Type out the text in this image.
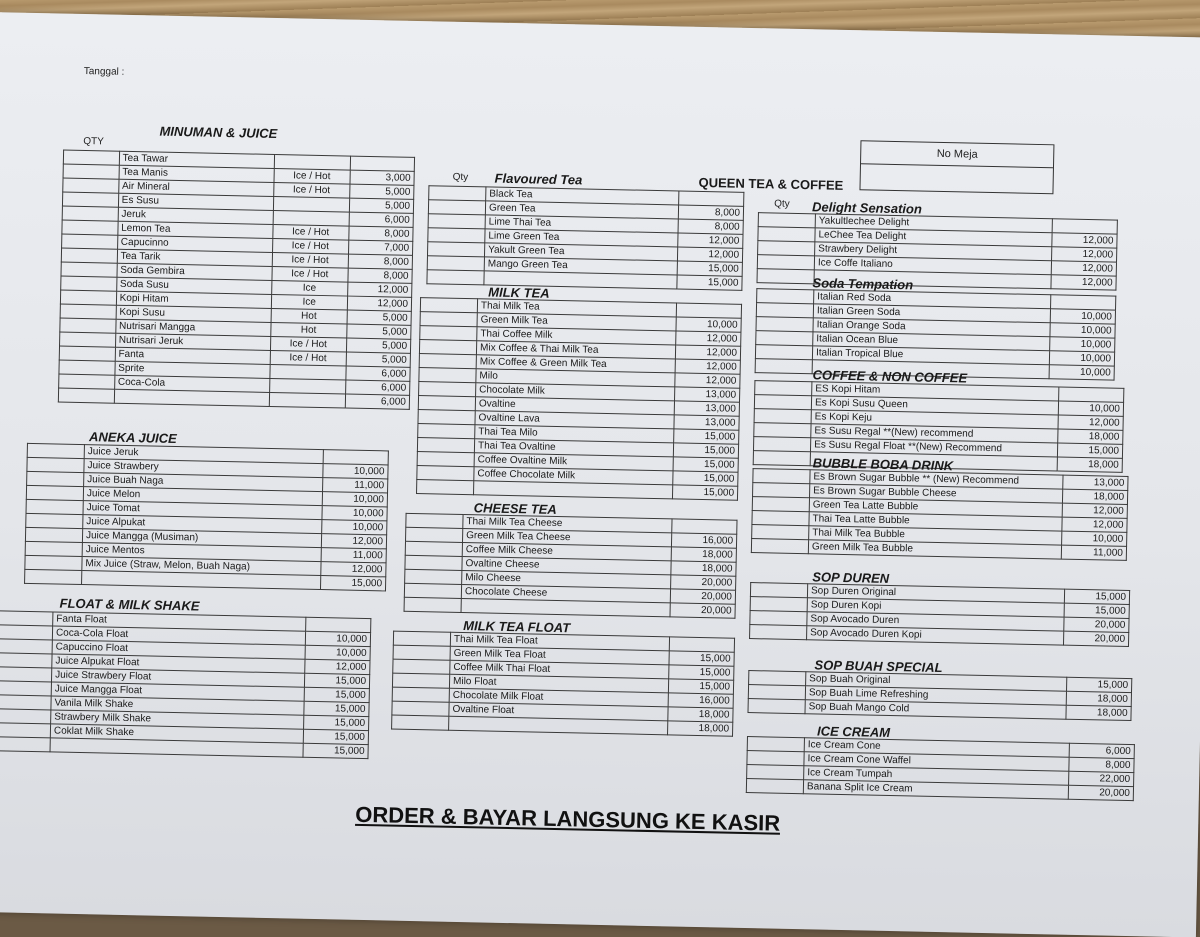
Tanggal :
QTY
MINUMAN & JUICE
	Tea Tawar		
	Tea Manis	Ice / Hot	3,000
	Air Mineral	Ice / Hot	5,000
	Es Susu		5,000
	Jeruk		6,000
	Lemon Tea	Ice / Hot	8,000
	Capucinno	Ice / Hot	7,000
	Tea Tarik	Ice / Hot	8,000
	Soda Gembira	Ice / Hot	8,000
	Soda Susu	Ice	12,000
	Kopi Hitam	Ice	12,000
	Kopi Susu	Hot	5,000
	Nutrisari Mangga	Hot	5,000
	Nutrisari Jeruk	Ice / Hot	5,000
	Fanta	Ice / Hot	5,000
	Sprite		6,000
	Coca-Cola		6,000
			6,000
ANEKA JUICE
	Juice Jeruk	
	Juice Strawbery	10,000
	Juice Buah Naga	11,000
	Juice Melon	10,000
	Juice Tomat	10,000
	Juice Alpukat	10,000
	Juice Mangga (Musiman)	12,000
	Juice Mentos	11,000
	Mix Juice (Straw, Melon, Buah Naga)	12,000
		15,000
FLOAT & MILK SHAKE
	Fanta Float	
	Coca-Cola Float	10,000
	Capuccino Float	10,000
	Juice Alpukat Float	12,000
	Juice Strawbery Float	15,000
	Juice Mangga Float	15,000
	Vanila Milk Shake	15,000
	Strawbery Milk Shake	15,000
	Coklat Milk Shake	15,000
		15,000
Qty Flavoured Tea
	Black Tea	
	Green Tea	8,000
	Lime Thai Tea	8,000
	Lime Green Tea	12,000
	Yakult Green Tea	12,000
	Mango Green Tea	15,000
		15,000
MILK TEA
	Thai Milk Tea	
	Green Milk Tea	10,000
	Thai Coffee Milk	12,000
	Mix Coffee & Thai Milk Tea	12,000
	Mix Coffee & Green Milk Tea	12,000
	Milo	12,000
	Chocolate Milk	13,000
	Ovaltine	13,000
	Ovaltine Lava	13,000
	Thai Tea Milo	15,000
	Thai Tea Ovaltine	15,000
	Coffee Ovaltine Milk	15,000
	Coffee Chocolate Milk	15,000
		15,000
CHEESE TEA
	Thai Milk Tea Cheese	
	Green Milk Tea Cheese	16,000
	Coffee Milk Cheese	18,000
	Ovaltine Cheese	18,000
	Milo Cheese	20,000
	Chocolate Cheese	20,000
		20,000
MILK TEA FLOAT
	Thai Milk Tea Float	
	Green Milk Tea Float	15,000
	Coffee Milk Thai Float	15,000
	Milo Float	15,000
	Chocolate Milk Float	16,000
	Ovaltine Float	18,000
		18,000
No Meja
QUEEN TEA & COFFEE
Qty Delight Sensation
	Yakultlechee Delight	
	LeChee Tea Delight	12,000
	Strawbery Delight	12,000
	Ice Coffe Italiano	12,000
		12,000
Soda Tempation
	Italian Red Soda	
	Italian Green Soda	10,000
	Italian Orange Soda	10,000
	Italian Ocean Blue	10,000
	Italian Tropical Blue	10,000
		10,000
COFFEE & NON COFFEE
	ES Kopi Hitam	
	Es Kopi Susu Queen	10,000
	Es Kopi Keju	12,000
	Es Susu Regal **(New) recommend	18,000
	Es Susu Regal Float **(New) Recommend	15,000
		18,000
BUBBLE BOBA DRINK
	Es Brown Sugar Bubble ** (New) Recommend	13,000
	Es Brown Sugar Bubble Cheese	18,000
	Green Tea Latte Bubble	12,000
	Thai Tea Latte Bubble	12,000
	Thai Milk Tea Bubble	10,000
	Green Milk Tea Bubble	11,000
SOP DUREN
	Sop Duren Original	15,000
	Sop Duren Kopi	15,000
	Sop Avocado Duren	20,000
	Sop Avocado Duren Kopi	20,000
SOP BUAH SPECIAL
	Sop Buah Original	15,000
	Sop Buah Lime Refreshing	18,000
	Sop Buah Mango Cold	18,000
ICE CREAM
	Ice Cream Cone	6,000
	Ice Cream Cone Waffel	8,000
	Ice Cream Tumpah	22,000
	Banana Split Ice Cream	20,000
ORDER & BAYAR LANGSUNG KE KASIR
